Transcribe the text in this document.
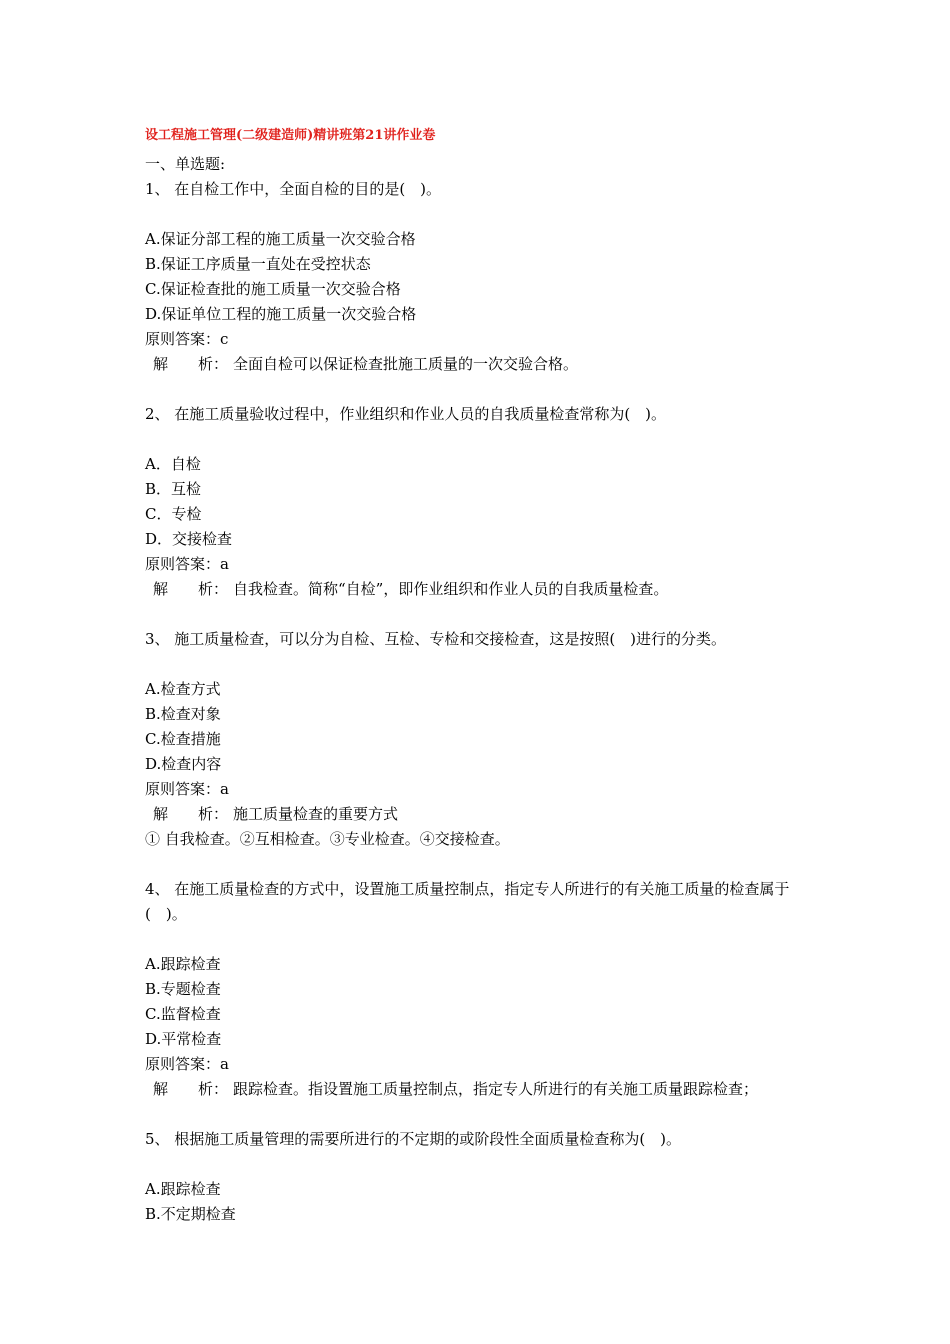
设工程施工管理(二级建造师)精讲班第21讲作业卷
一、单选题:
1、 在自检工作中，全面自检的目的是(　)。
A.保证分部工程的施工质量一次交验合格
B.保证工序质量一直处在受控状态
C.保证检查批的施工质量一次交验合格
D.保证单位工程的施工质量一次交验合格
原则答案：c
解　　析： 全面自检可以保证检查批施工质量的一次交验合格。
2、 在施工质量验收过程中，作业组织和作业人员的自我质量检查常称为(　)。
A．自检
B．互检
C．专检
D．交接检查
原则答案：a
解　　析： 自我检查。简称“自检”，即作业组织和作业人员的自我质量检查。
3、 施工质量检查，可以分为自检、互检、专检和交接检查，这是按照(　)进行的分类。
A.检查方式
B.检查对象
C.检查措施
D.检查内容
原则答案：a
解　　析： 施工质量检查的重要方式
① 自我检查。②互相检查。③专业检查。④交接检查。
4、 在施工质量检查的方式中，设置施工质量控制点，指定专人所进行的有关施工质量的检查属于(　)。
A.跟踪检查
B.专题检查
C.监督检查
D.平常检查
原则答案：a
解　　析： 跟踪检查。指设置施工质量控制点，指定专人所进行的有关施工质量跟踪检查；
5、 根据施工质量管理的需要所进行的不定期的或阶段性全面质量检查称为(　)。
A.跟踪检查
B.不定期检查
